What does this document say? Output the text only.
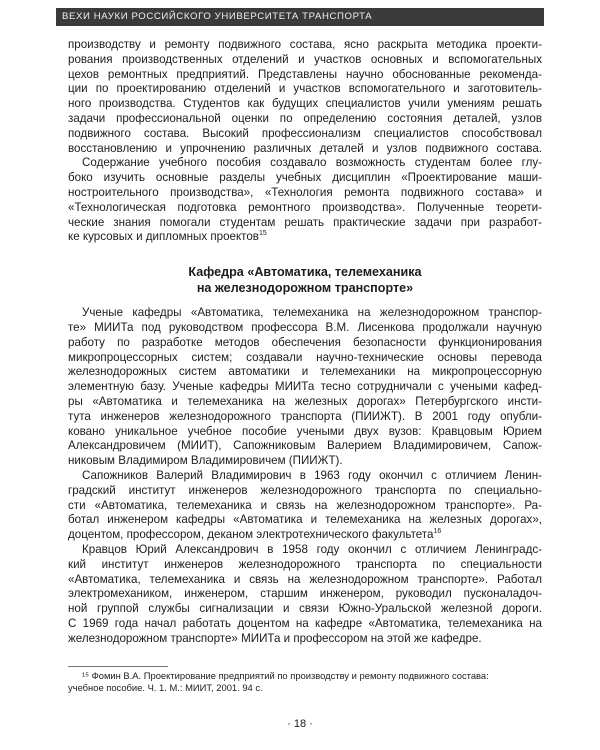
ВЕХИ НАУКИ РОССИЙСКОГО УНИВЕРСИТЕТА ТРАНСПОРТА

производству и ремонту подвижного состава, ясно раскрыта методика проекти-
рования производственных отделений и участков основных и вспомогательных
цехов ремонтных предприятий. Представлены научно обоснованные рекоменда-
ции по проектированию отделений и участков вспомогательного и заготовитель-
ного производства. Студентов как будущих специалистов учили умениям решать
задачи профессиональной оценки по определению состояния деталей, узлов
подвижного состава. Высокий профессионализм специалистов способствовал
восстановлению и упрочнению различных деталей и узлов подвижного состава.

Содержание учебного пособия создавало возможность студентам более глу-
боко изучить основные разделы учебных дисциплин «Проектирование маши-
ностроительного производства», «Технология ремонта подвижного состава» и
«Технологическая подготовка ремонтного производства». Полученные теорети-
ческие знания помогали студентам решать практические задачи при разработ-
ке курсовых и дипломных проектов$^{15}$

Кафедра «Автоматика, телемеханика
на железнодорожном транспорте»

Ученые кафедры «Автоматика, телемеханика на железнодорожном транспор-
те» МИИТа под руководством профессора В.М. Лисенкова продолжали научную
работу по разработке методов обеспечения безопасности функционирования
микропроцессорных систем; создавали научно-технические основы перевода
железнодорожных систем автоматики и телемеханики на микропроцессорную
элементную базу. Ученые кафедры МИИТа тесно сотрудничали с учеными кафед-
ры «Автоматика и телемеханика на железных дорогах» Петербургского инсти-
тута инженеров железнодорожного транспорта (ПИИЖТ). В 2001 году опубли-
ковано уникальное учебное пособие учеными двух вузов: Кравцовым Юрием
Александровичем (МИИТ), Сапожниковым Валерием Владимировичем, Сапож-
никовым Владимиром Владимировичем (ПИИЖТ).

Сапожников Валерий Владимирович в 1963 году окончил с отличием Ленин-
градский институт инженеров железнодорожного транспорта по специально-
сти «Автоматика, телемеханика и связь на железнодорожном транспорте». Ра-
ботал инженером кафедры «Автоматика и телемеханика на железных дорогах»,
доцентом, профессором, деканом электротехнического факультета$^{16}$

Кравцов Юрий Александрович в 1958 году окончил с отличием Ленинградс-
кий институт инженеров железнодорожного транспорта по специальности
«Автоматика, телемеханика и связь на железнодорожном транспорте». Работал
электромехаником, инженером, старшим инженером, руководил пусконаладоч-
ной группой службы сигнализации и связи Южно-Уральской железной дороги.
С 1969 года начал работать доцентом на кафедре «Автоматика, телемеханика на
железнодорожном транспорте» МИИТа и профессором на этой же кафедре.

¹⁵ Фомин В.А. Проектирование предприятий по производству и ремонту подвижного состава:
учебное пособие. Ч. 1. М.: МИИТ, 2001. 94 с.
· 18 ·
